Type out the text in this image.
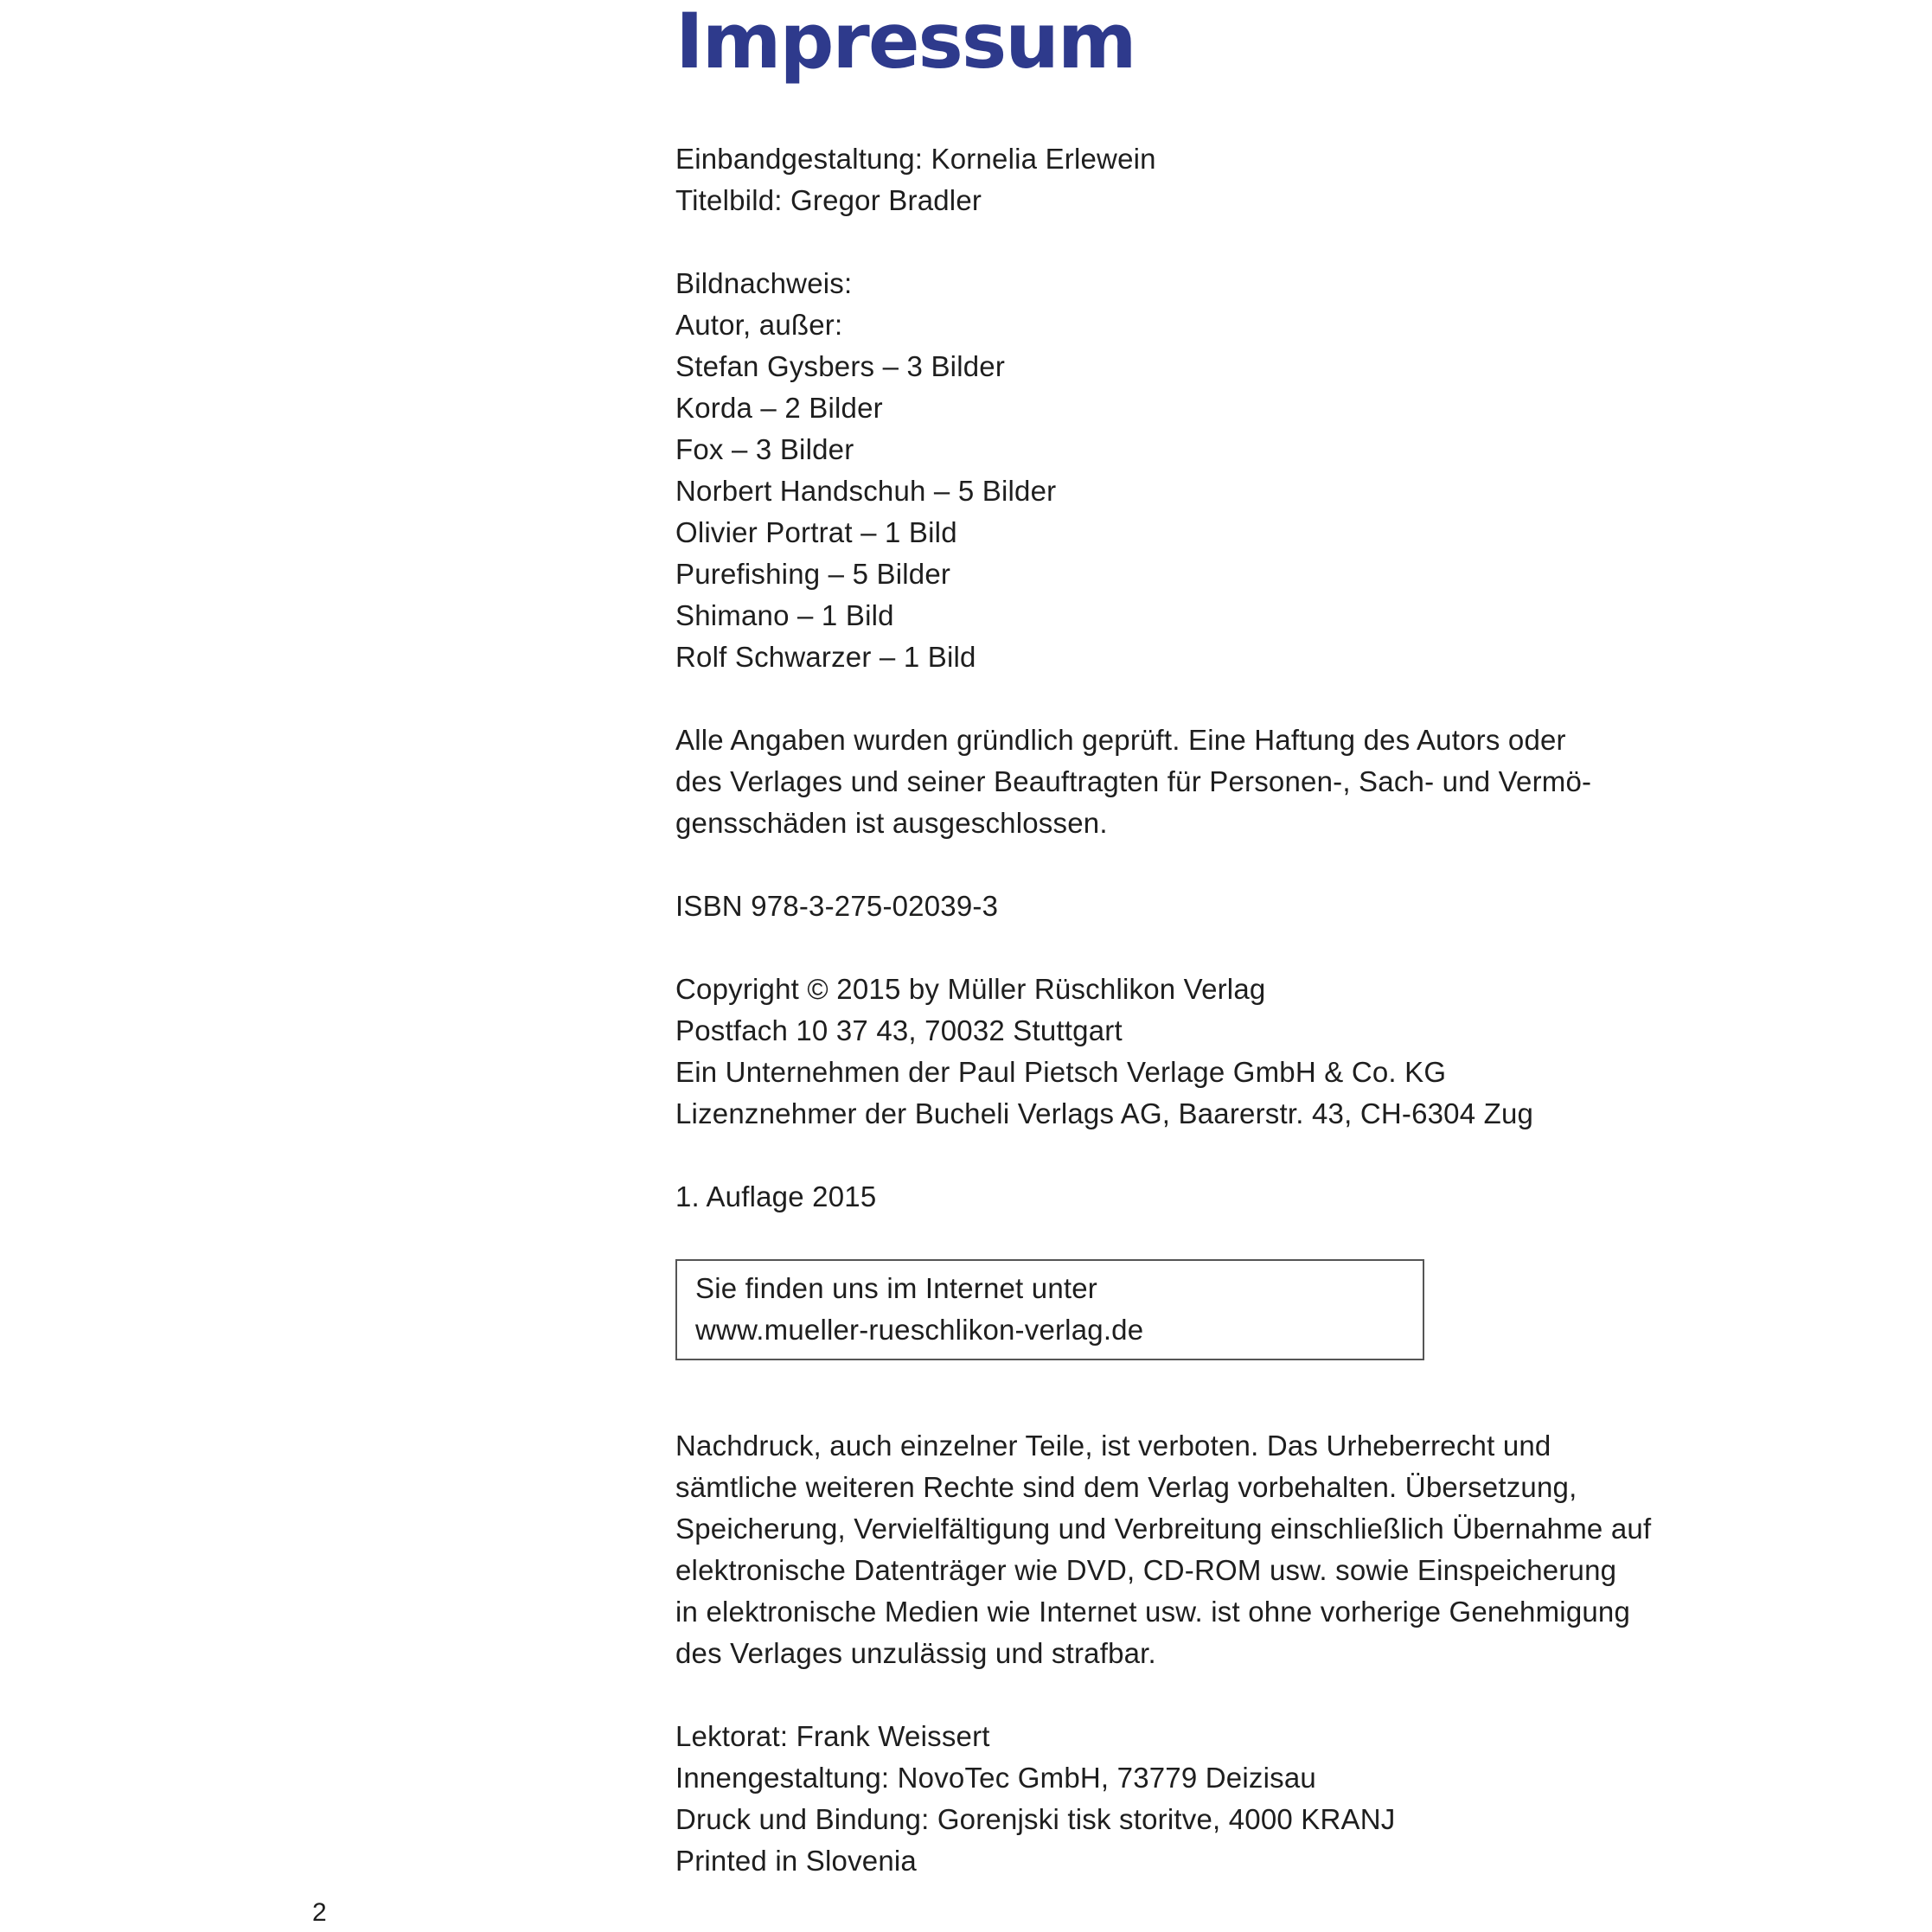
Impressum
Einbandgestaltung: Kornelia Erlewein
Titelbild: Gregor Bradler
Bildnachweis:
Autor, außer:
Stefan Gysbers – 3 Bilder
Korda – 2 Bilder
Fox – 3 Bilder
Norbert Handschuh – 5 Bilder
Olivier Portrat – 1 Bild
Purefishing – 5 Bilder
Shimano – 1 Bild
Rolf Schwarzer – 1 Bild
Alle Angaben wurden gründlich geprüft. Eine Haftung des Autors oder
des Verlages und seiner Beauftragten für Personen-, Sach- und Vermö-
gensschäden ist ausgeschlossen.
ISBN 978-3-275-02039-3
Copyright © 2015 by Müller Rüschlikon Verlag
Postfach 10 37 43, 70032 Stuttgart
Ein Unternehmen der Paul Pietsch Verlage GmbH & Co. KG
Lizenznehmer der Bucheli Verlags AG, Baarerstr. 43, CH-6304 Zug
1. Auflage 2015
Sie finden uns im Internet unter
www.mueller-rueschlikon-verlag.de
Nachdruck, auch einzelner Teile, ist verboten. Das Urheberrecht und
sämtliche weiteren Rechte sind dem Verlag vorbehalten. Übersetzung,
Speicherung, Vervielfältigung und Verbreitung einschließlich Übernahme auf
elektronische Datenträger wie DVD, CD-ROM usw. sowie Einspeicherung
in elektronische Medien wie Internet usw. ist ohne vorherige Genehmigung
des Verlages unzulässig und strafbar.
Lektorat: Frank Weissert
Innengestaltung: NovoTec GmbH, 73779 Deizisau
Druck und Bindung: Gorenjski tisk storitve, 4000 KRANJ
Printed in Slovenia
2
